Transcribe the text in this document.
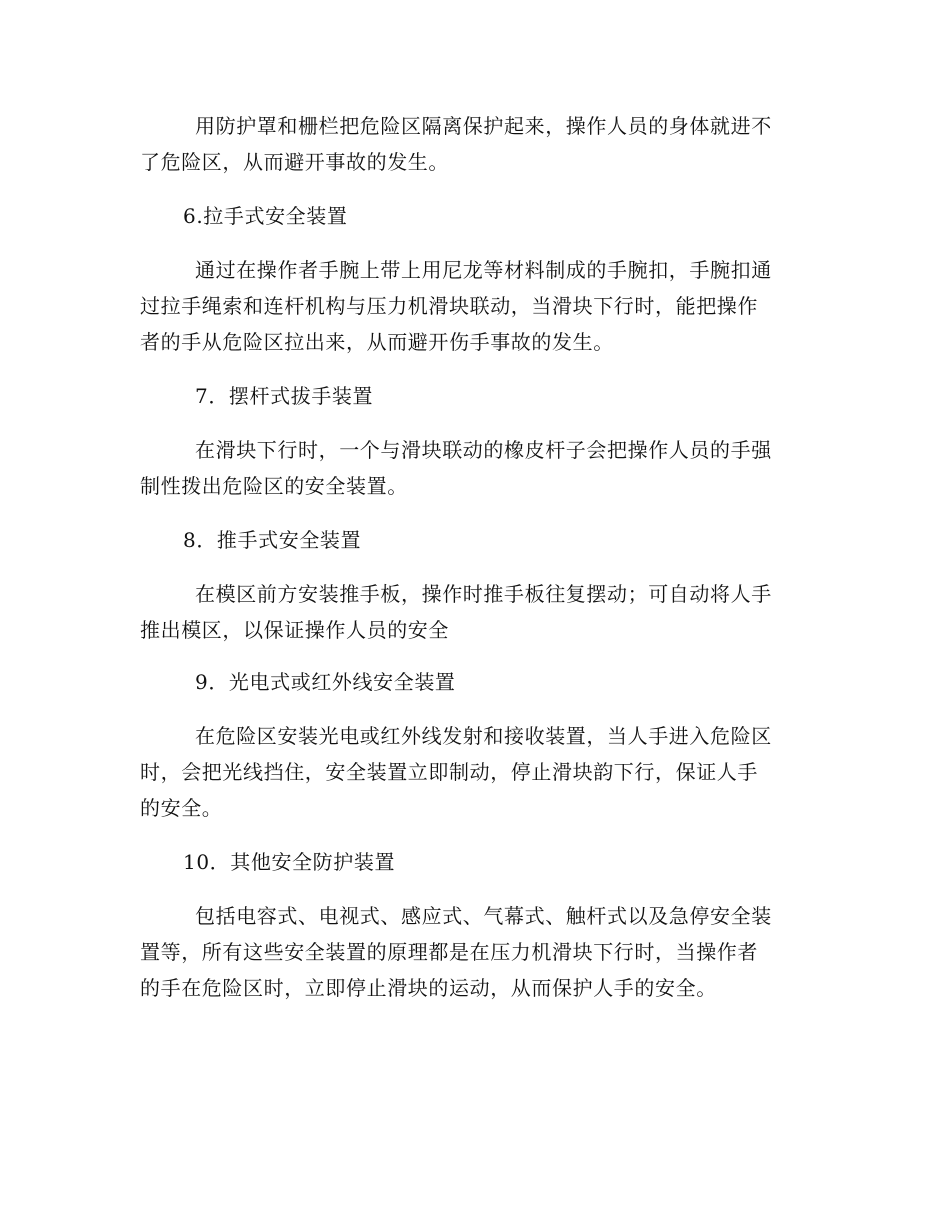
用防护罩和栅栏把危险区隔离保护起来，操作人员的身体就进不

了危险区，从而避开事故的发生。

6.拉手式安全装置

通过在操作者手腕上带上用尼龙等材料制成的手腕扣，手腕扣通

过拉手绳索和连杆机构与压力机滑块联动，当滑块下行时，能把操作

者的手从危险区拉出来，从而避开伤手事故的发生。

7．摆杆式拔手装置

在滑块下行时，一个与滑块联动的橡皮杆子会把操作人员的手强

制性拨出危险区的安全装置。

8．推手式安全装置

在模区前方安装推手板，操作时推手板往复摆动；可自动将人手

推出模区，以保证操作人员的安全

9．光电式或红外线安全装置

在危险区安装光电或红外线发射和接收装置，当人手进入危险区

时，会把光线挡住，安全装置立即制动，停止滑块韵下行，保证人手

的安全。

10．其他安全防护装置

包括电容式、电视式、感应式、气幕式、触杆式以及急停安全装

置等，所有这些安全装置的原理都是在压力机滑块下行时，当操作者

的手在危险区时，立即停止滑块的运动，从而保护人手的安全。
